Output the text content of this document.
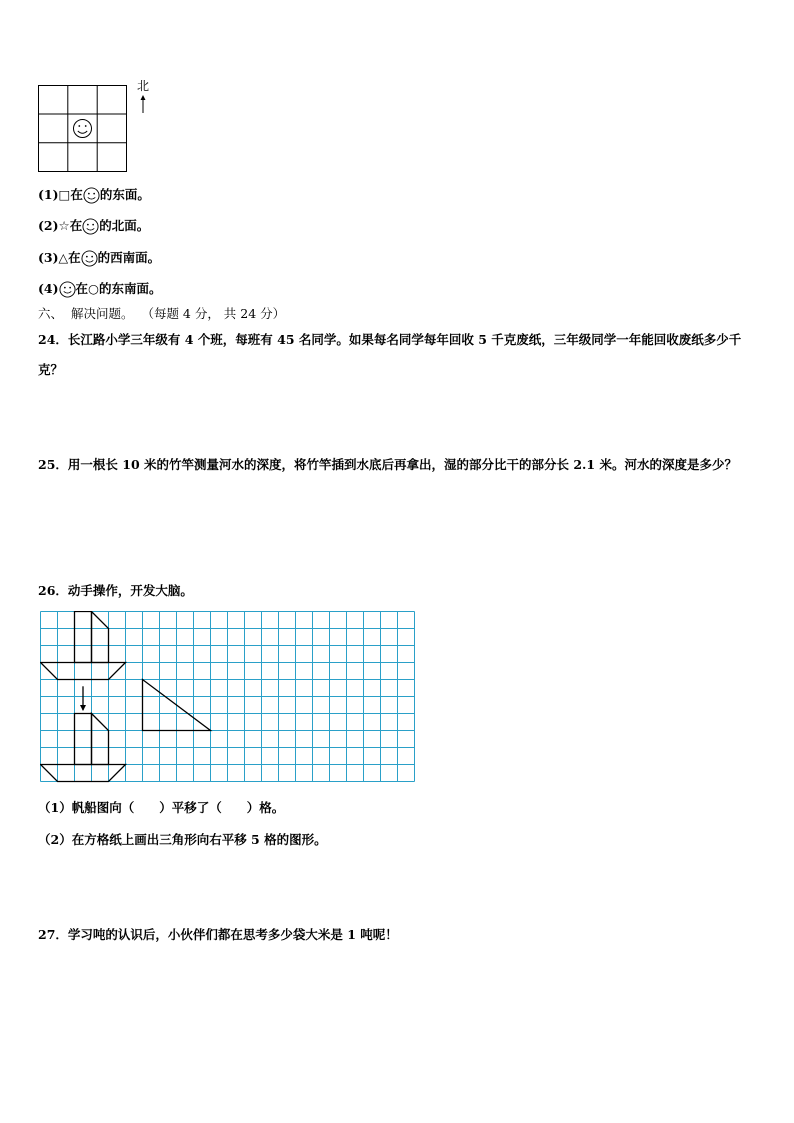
北
(1)□在 的东面。
(2)☆在 的北面。
(3)△在 的西南面。
(4) 在○的东南面。
六、 解决问题。 （每题 4 分， 共 24 分）
24．长江路小学三年级有 4 个班，每班有 45 名同学。如果每名同学每年回收 5 千克废纸，三年级同学一年能回收废纸多少千克？
25．用一根长 10 米的竹竿测量河水的深度，将竹竿插到水底后再拿出，湿的部分比干的部分长 2.1 米。河水的深度是多少？
26．动手操作，开发大脑。
（1）帆船图向（　　）平移了（　　）格。
（2）在方格纸上画出三角形向右平移 5 格的图形。
27．学习吨的认识后，小伙伴们都在思考多少袋大米是 1 吨呢！
